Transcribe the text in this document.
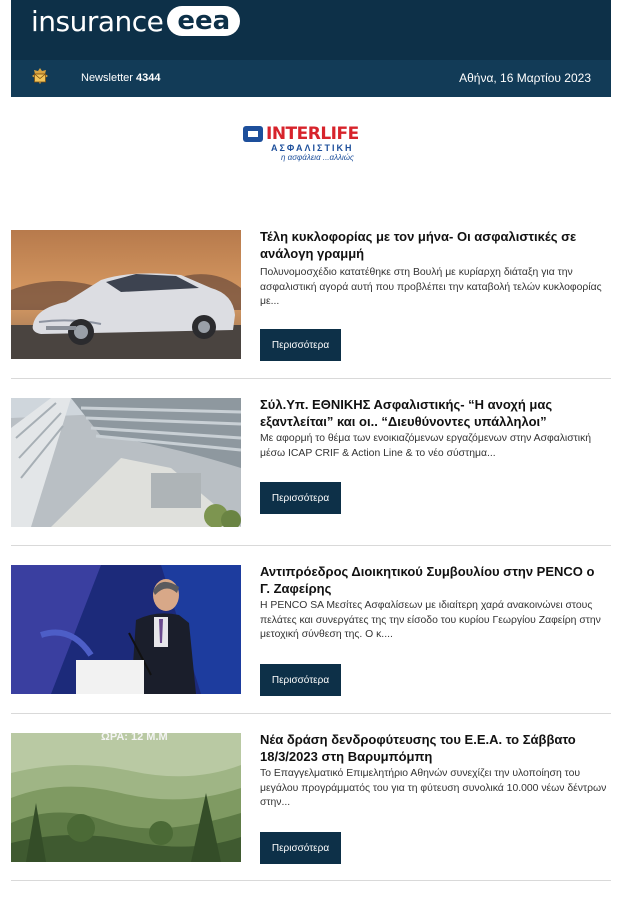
insurance eea
Newsletter 4344	Αθήνα, 16 Μαρτίου 2023
INTERLIFE
ΑΣΦΑΛΙΣΤΙΚΗ
η ασφάλεια ...αλλιώς
Τέλη κυκλοφορίας με τον μήνα- Οι ασφαλιστικές σε ανάλογη γραμμή
Πολυνομοσχέδιο κατατέθηκε στη Βουλή με κυρίαρχη διάταξη για την ασφαλιστική αγορά αυτή που προβλέπει την καταβολή τελών κυκλοφορίας με...
Περισσότερα
Σύλ.Υπ. ΕΘΝΙΚΗΣ Ασφαλιστικής- “Η ανοχή μας εξαντλείται” και οι.. “Διευθύνοντες υπάλληλοι”
Με αφορμή το θέμα των ενοικιαζόμενων εργαζόμενων στην Ασφαλιστική μέσω ICAP CRIF & Action Line & το νέο σύστημα...
Περισσότερα
Αντιπρόεδρος Διοικητικού Συμβουλίου στην PENCO ο Γ. Ζαφείρης
Η PENCO SA Μεσίτες Ασφαλίσεων με ιδιαίτερη χαρά ανακοινώνει στους πελάτες και συνεργάτες της την είσοδο του κυρίου Γεωργίου Ζαφείρη στην μετοχική σύνθεση της. Ο κ....
Περισσότερα
ΩΡΑ: 12 Μ.Μ	Νέα δράση δενδροφύτευσης του Ε.Ε.Α. το Σάββατο 18/3/2023 στη Βαρυμπόμπη
Το Επαγγελματικό Επιμελητήριο Αθηνών συνεχίζει την υλοποίηση του μεγάλου προγράμματός του για τη φύτευση συνολικά 10.000 νέων δέντρων στην...
Περισσότερα
